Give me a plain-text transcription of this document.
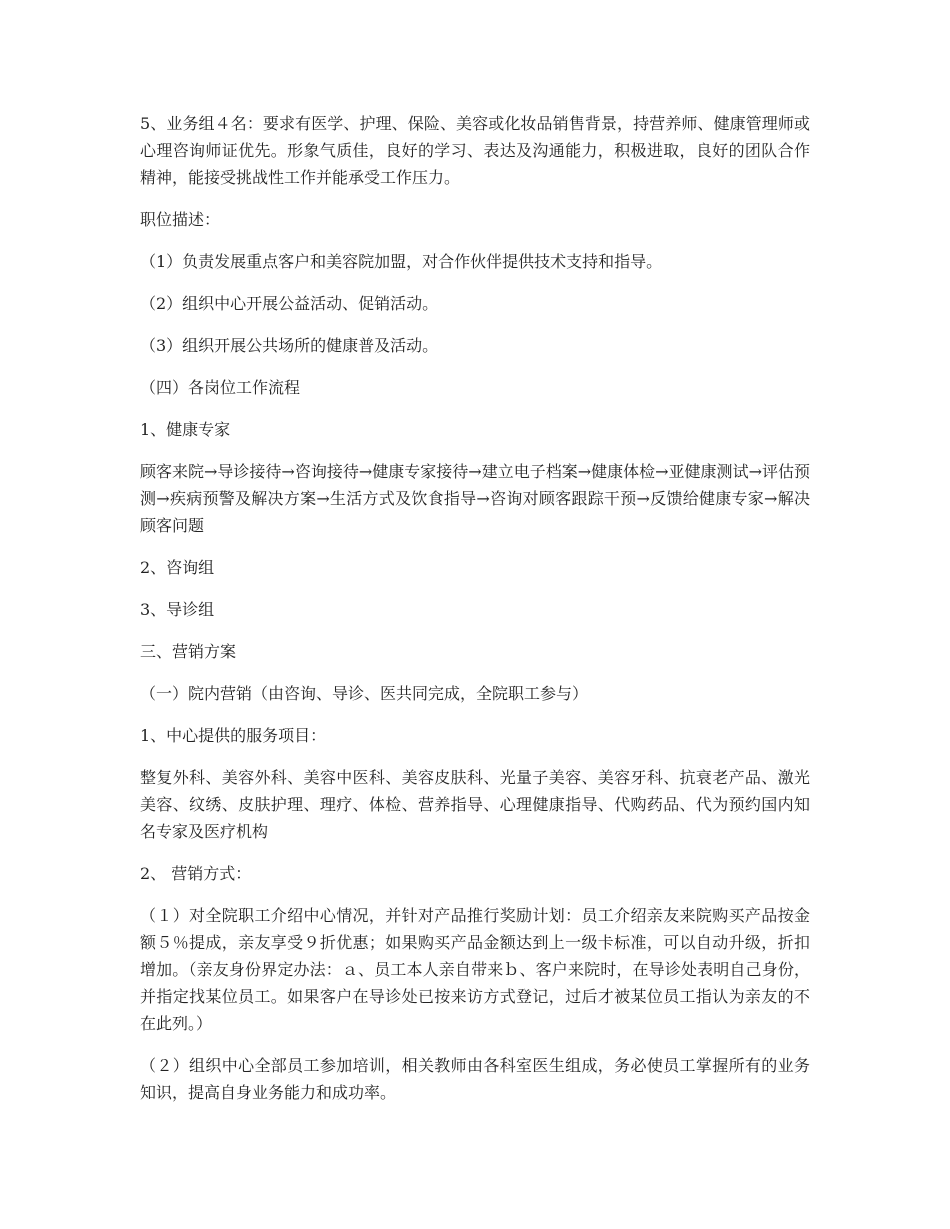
5、业务组４名：要求有医学、护理、保险、美容或化妆品销售背景，持营养师、健康管理师或心理咨询师证优先。形象气质佳，良好的学习、表达及沟通能力，积极进取，良好的团队合作精神，能接受挑战性工作并能承受工作压力。

职位描述：

（1）负责发展重点客户和美容院加盟，对合作伙伴提供技术支持和指导。

（2）组织中心开展公益活动、促销活动。

（3）组织开展公共场所的健康普及活动。

（四）各岗位工作流程

1、健康专家

顾客来院→导诊接待→咨询接待→健康专家接待→建立电子档案→健康体检→亚健康测试→评估预测→疾病预警及解决方案→生活方式及饮食指导→咨询对顾客跟踪干预→反馈给健康专家→解决顾客问题

2、咨询组

3、导诊组

三、营销方案

（一）院内营销（由咨询、导诊、医共同完成，全院职工参与）

1、中心提供的服务项目：

整复外科、美容外科、美容中医科、美容皮肤科、光量子美容、美容牙科、抗衰老产品、激光美容、纹绣、皮肤护理、理疗、体检、营养指导、心理健康指导、代购药品、代为预约国内知名专家及医疗机构

2、 营销方式：

（１）对全院职工介绍中心情况，并针对产品推行奖励计划：员工介绍亲友来院购买产品按金额５％提成，亲友享受９折优惠；如果购买产品金额达到上一级卡标准，可以自动升级，折扣增加。（亲友身份界定办法：ａ、员工本人亲自带来ｂ、客户来院时，在导诊处表明自己身份，并指定找某位员工。如果客户在导诊处已按来访方式登记，过后才被某位员工指认为亲友的不在此列。）

（２）组织中心全部员工参加培训，相关教师由各科室医生组成，务必使员工掌握所有的业务知识，提高自身业务能力和成功率。
